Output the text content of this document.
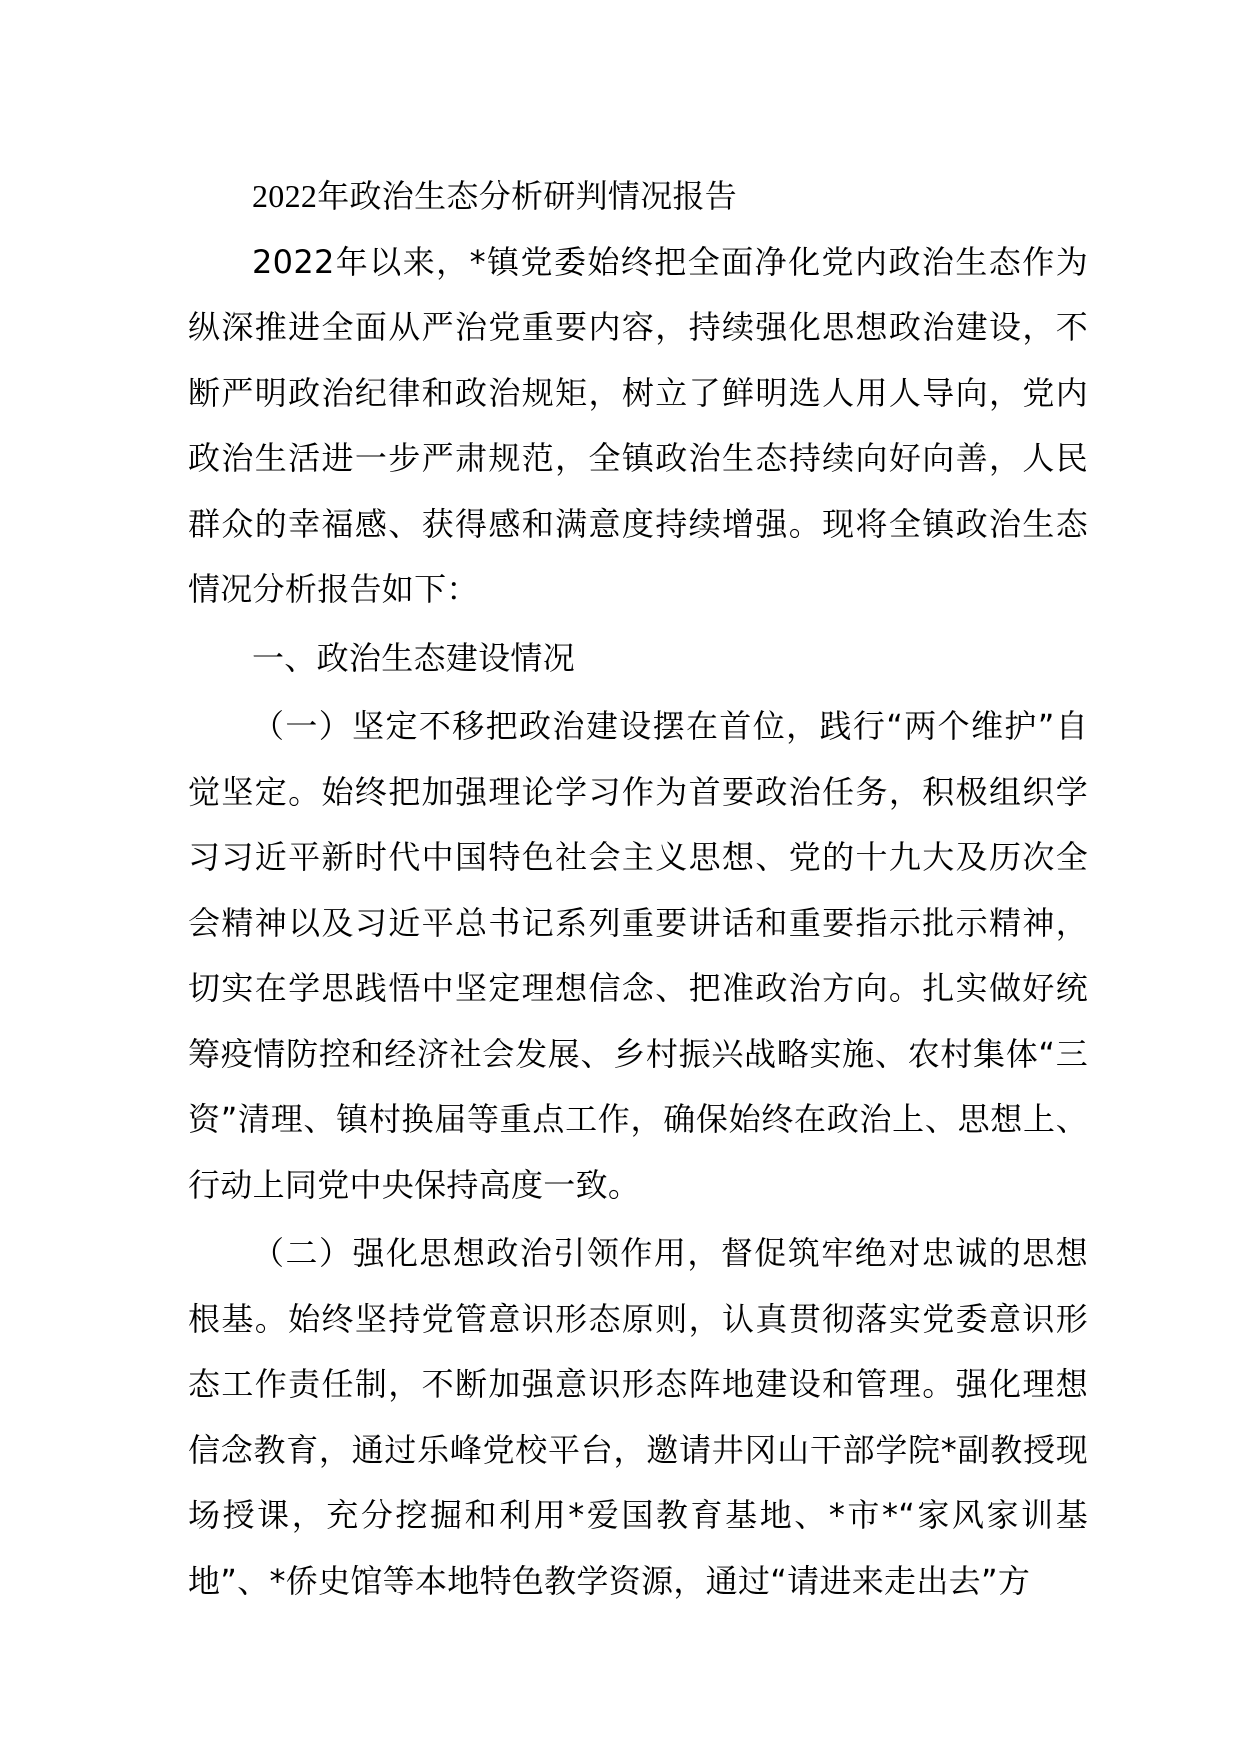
2022年政治生态分析研判情况报告

2022年以来，*镇党委始终把全面净化党内政治生态作为纵深推进全面从严治党重要内容，持续强化思想政治建设，不断严明政治纪律和政治规矩，树立了鲜明选人用人导向，党内政治生活进一步严肃规范，全镇政治生态持续向好向善，人民群众的幸福感、获得感和满意度持续增强。现将全镇政治生态情况分析报告如下：

一、政治生态建设情况

（一）坚定不移把政治建设摆在首位，践行“两个维护”自觉坚定。始终把加强理论学习作为首要政治任务，积极组织学习习近平新时代中国特色社会主义思想、党的十九大及历次全会精神以及习近平总书记系列重要讲话和重要指示批示精神，切实在学思践悟中坚定理想信念、把准政治方向。扎实做好统筹疫情防控和经济社会发展、乡村振兴战略实施、农村集体“三资”清理、镇村换届等重点工作，确保始终在政治上、思想上、行动上同党中央保持高度一致。

（二）强化思想政治引领作用，督促筑牢绝对忠诚的思想根基。始终坚持党管意识形态原则，认真贯彻落实党委意识形态工作责任制，不断加强意识形态阵地建设和管理。强化理想信念教育，通过乐峰党校平台，邀请井冈山干部学院*副教授现场授课，充分挖掘和利用*爱国教育基地、*市*“家风家训基地”、*侨史馆等本地特色教学资源，通过“请进来走出去”方
